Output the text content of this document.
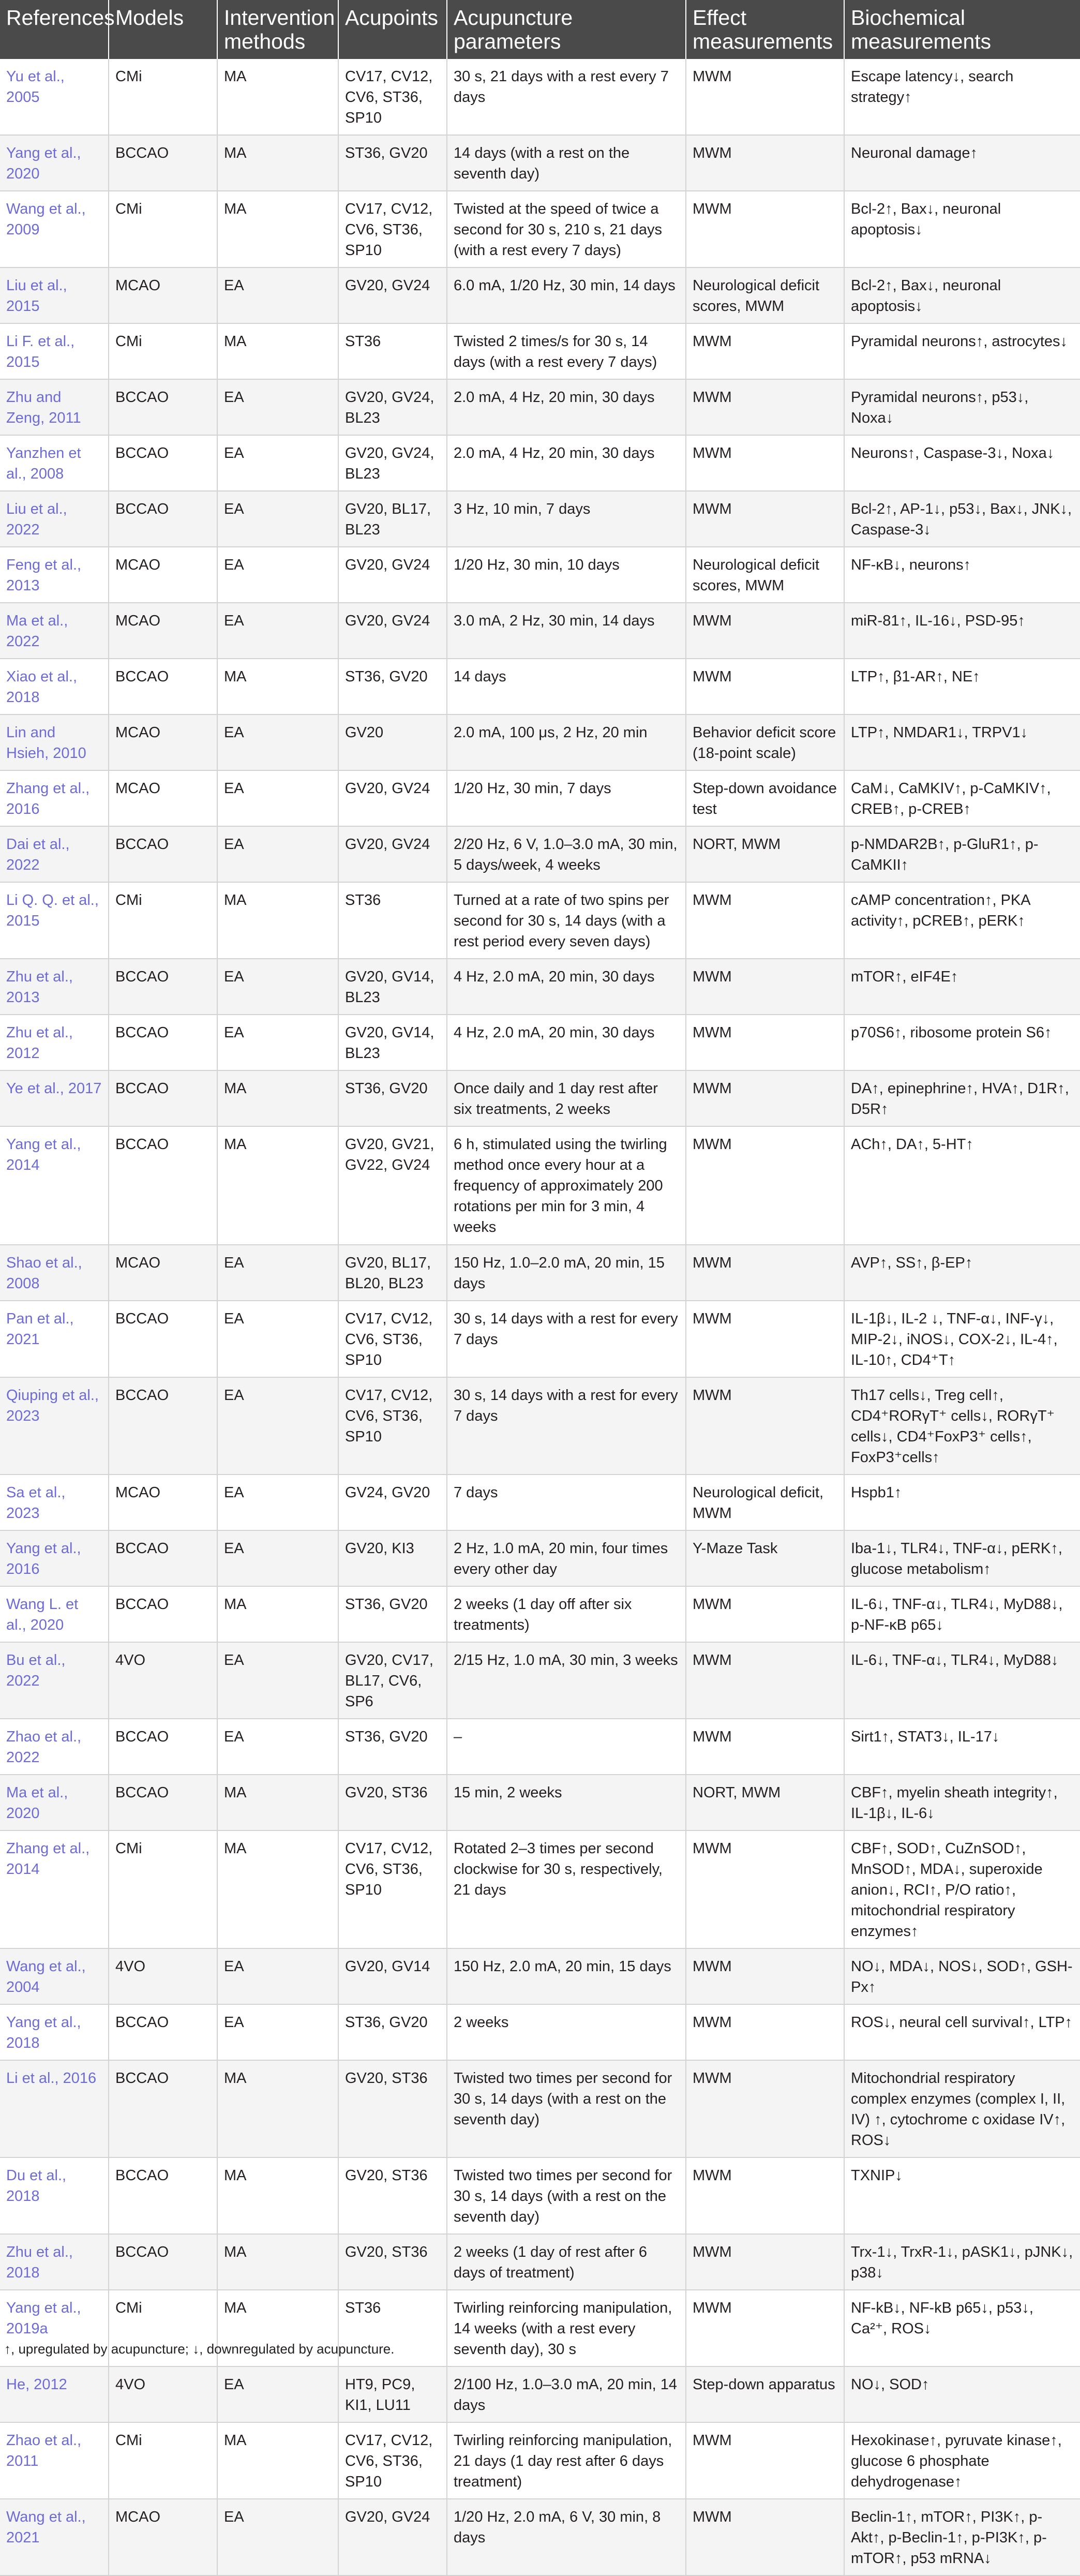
References	Models	Intervention methods	Acupoints	Acupuncture parameters	Effect measurements	Biochemical measurements
Yu et al., 2005	CMi	MA	CV17, CV12, CV6, ST36, SP10	30 s, 21 days with a rest every 7 days	MWM	Escape latency↓, search strategy↑
Yang et al., 2020	BCCAO	MA	ST36, GV20	14 days (with a rest on the seventh day)	MWM	Neuronal damage↑
Wang et al., 2009	CMi	MA	CV17, CV12, CV6, ST36, SP10	Twisted at the speed of twice a second for 30 s, 210 s, 21 days (with a rest every 7 days)	MWM	Bcl-2↑, Bax↓, neuronal apoptosis↓
Liu et al., 2015	MCAO	EA	GV20, GV24	6.0 mA, 1/20 Hz, 30 min, 14 days	Neurological deficit scores, MWM	Bcl-2↑, Bax↓, neuronal apoptosis↓
Li F. et al., 2015	CMi	MA	ST36	Twisted 2 times/s for 30 s, 14 days (with a rest every 7 days)	MWM	Pyramidal neurons↑, astrocytes↓
Zhu and Zeng, 2011	BCCAO	EA	GV20, GV24, BL23	2.0 mA, 4 Hz, 20 min, 30 days	MWM	Pyramidal neurons↑, p53↓, Noxa↓
Yanzhen et al., 2008	BCCAO	EA	GV20, GV24, BL23	2.0 mA, 4 Hz, 20 min, 30 days	MWM	Neurons↑, Caspase-3↓, Noxa↓
Liu et al., 2022	BCCAO	EA	GV20, BL17, BL23	3 Hz, 10 min, 7 days	MWM	Bcl-2↑, AP-1↓, p53↓, Bax↓, JNK↓, Caspase-3↓
Feng et al., 2013	MCAO	EA	GV20, GV24	1/20 Hz, 30 min, 10 days	Neurological deficit scores, MWM	NF-κB↓, neurons↑
Ma et al., 2022	MCAO	EA	GV20, GV24	3.0 mA, 2 Hz, 30 min, 14 days	MWM	miR-81↑, IL-16↓, PSD-95↑
Xiao et al., 2018	BCCAO	MA	ST36, GV20	14 days	MWM	LTP↑, β1-AR↑, NE↑
Lin and Hsieh, 2010	MCAO	EA	GV20	2.0 mA, 100 μs, 2 Hz, 20 min	Behavior deficit score (18-point scale)	LTP↑, NMDAR1↓, TRPV1↓
Zhang et al., 2016	MCAO	EA	GV20, GV24	1/20 Hz, 30 min, 7 days	Step-down avoidance test	CaM↓, CaMKIV↑, p-CaMKIV↑, CREB↑, p-CREB↑
Dai et al., 2022	BCCAO	EA	GV20, GV24	2/20 Hz, 6 V, 1.0–3.0 mA, 30 min, 5 days/week, 4 weeks	NORT, MWM	p-NMDAR2B↑, p-GluR1↑, p-CaMKII↑
Li Q. Q. et al., 2015	CMi	MA	ST36	Turned at a rate of two spins per second for 30 s, 14 days (with a rest period every seven days)	MWM	cAMP concentration↑, PKA activity↑, pCREB↑, pERK↑
Zhu et al., 2013	BCCAO	EA	GV20, GV14, BL23	4 Hz, 2.0 mA, 20 min, 30 days	MWM	mTOR↑, eIF4E↑
Zhu et al., 2012	BCCAO	EA	GV20, GV14, BL23	4 Hz, 2.0 mA, 20 min, 30 days	MWM	p70S6↑, ribosome protein S6↑
Ye et al., 2017	BCCAO	MA	ST36, GV20	Once daily and 1 day rest after six treatments, 2 weeks	MWM	DA↑, epinephrine↑, HVA↑, D1R↑, D5R↑
Yang et al., 2014	BCCAO	MA	GV20, GV21, GV22, GV24	6 h, stimulated using the twirling method once every hour at a frequency of approximately 200 rotations per min for 3 min, 4 weeks	MWM	ACh↑, DA↑, 5-HT↑
Shao et al., 2008	MCAO	EA	GV20, BL17, BL20, BL23	150 Hz, 1.0–2.0 mA, 20 min, 15 days	MWM	AVP↑, SS↑, β-EP↑
Pan et al., 2021	BCCAO	EA	CV17, CV12, CV6, ST36, SP10	30 s, 14 days with a rest for every 7 days	MWM	IL-1β↓, IL-2 ↓, TNF-α↓, INF-γ↓, MIP-2↓, iNOS↓, COX-2↓, IL-4↑, IL-10↑, CD4⁺T↑
Qiuping et al., 2023	BCCAO	EA	CV17, CV12, CV6, ST36, SP10	30 s, 14 days with a rest for every 7 days	MWM	Th17 cells↓, Treg cell↑, CD4⁺RORγT⁺ cells↓, RORγT⁺ cells↓, CD4⁺FoxP3⁺ cells↑, FoxP3⁺cells↑
Sa et al., 2023	MCAO	EA	GV24, GV20	7 days	Neurological deficit, MWM	Hspb1↑
Yang et al., 2016	BCCAO	EA	GV20, KI3	2 Hz, 1.0 mA, 20 min, four times every other day	Y-Maze Task	Iba-1↓, TLR4↓, TNF-α↓, pERK↑, glucose metabolism↑
Wang L. et al., 2020	BCCAO	MA	ST36, GV20	2 weeks (1 day off after six treatments)	MWM	IL-6↓, TNF-α↓, TLR4↓, MyD88↓, p-NF-κB p65↓
Bu et al., 2022	4VO	EA	GV20, CV17, BL17, CV6, SP6	2/15 Hz, 1.0 mA, 30 min, 3 weeks	MWM	IL-6↓, TNF-α↓, TLR4↓, MyD88↓
Zhao et al., 2022	BCCAO	EA	ST36, GV20	–	MWM	Sirt1↑, STAT3↓, IL-17↓
Ma et al., 2020	BCCAO	MA	GV20, ST36	15 min, 2 weeks	NORT, MWM	CBF↑, myelin sheath integrity↑, IL-1β↓, IL-6↓
Zhang et al., 2014	CMi	MA	CV17, CV12, CV6, ST36, SP10	Rotated 2–3 times per second clockwise for 30 s, respectively, 21 days	MWM	CBF↑, SOD↑, CuZnSOD↑, MnSOD↑, MDA↓, superoxide anion↓, RCI↑, P/O ratio↑, mitochondrial respiratory enzymes↑
Wang et al., 2004	4VO	EA	GV20, GV14	150 Hz, 2.0 mA, 20 min, 15 days	MWM	NO↓, MDA↓, NOS↓, SOD↑, GSH-Px↑
Yang et al., 2018	BCCAO	EA	ST36, GV20	2 weeks	MWM	ROS↓, neural cell survival↑, LTP↑
Li et al., 2016	BCCAO	MA	GV20, ST36	Twisted two times per second for 30 s, 14 days (with a rest on the seventh day)	MWM	Mitochondrial respiratory complex enzymes (complex I, II, IV) ↑, cytochrome c oxidase IV↑, ROS↓
Du et al., 2018	BCCAO	MA	GV20, ST36	Twisted two times per second for 30 s, 14 days (with a rest on the seventh day)	MWM	TXNIP↓
Zhu et al., 2018	BCCAO	MA	GV20, ST36	2 weeks (1 day of rest after 6 days of treatment)	MWM	Trx-1↓, TrxR-1↓, pASK1↓, pJNK↓, p38↓
Yang et al., 2019a	CMi	MA	ST36	Twirling reinforcing manipulation, 14 weeks (with a rest every seventh day), 30 s	MWM	NF-kB↓, NF-kB p65↓, p53↓, Ca²⁺, ROS↓
He, 2012	4VO	EA	HT9, PC9, KI1, LU11	2/100 Hz, 1.0–3.0 mA, 20 min, 14 days	Step-down apparatus	NO↓, SOD↑
Zhao et al., 2011	CMi	MA	CV17, CV12, CV6, ST36, SP10	Twirling reinforcing manipulation, 21 days (1 day rest after 6 days treatment)	MWM	Hexokinase↑, pyruvate kinase↑, glucose 6 phosphate dehydrogenase↑
Wang et al., 2021	MCAO	EA	GV20, GV24	1/20 Hz, 2.0 mA, 6 V, 30 min, 8 days	MWM	Beclin-1↑, mTOR↑, PI3K↑, p-Akt↑, p-Beclin-1↑, p-PI3K↑, p-mTOR↑, p53 mRNA↓
↑, upregulated by acupuncture; ↓, downregulated by acupuncture.
